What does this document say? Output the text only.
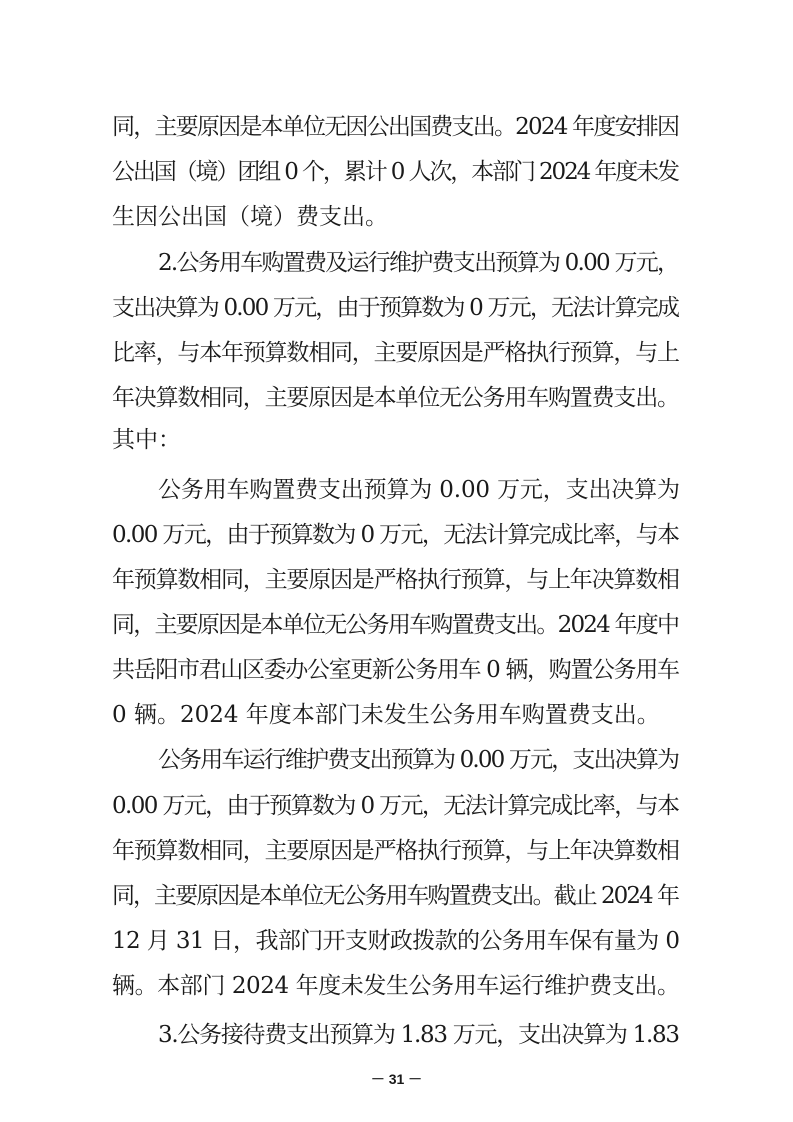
同，主要原因是本单位无因公出国费支出。2024 年度安排因
公出国（境）团组 0 个，累计 0 人次，本部门 2024 年度未发
生因公出国（境）费支出。
2.公务用车购置费及运行维护费支出预算为 0.00 万元，
支出决算为 0.00 万元，由于预算数为 0 万元，无法计算完成
比率，与本年预算数相同，主要原因是严格执行预算，与上
年决算数相同，主要原因是本单位无公务用车购置费支出。
其中：
公务用车购置费支出预算为 0.00 万元，支出决算为
0.00 万元，由于预算数为 0 万元，无法计算完成比率，与本
年预算数相同，主要原因是严格执行预算，与上年决算数相
同，主要原因是本单位无公务用车购置费支出。2024 年度中
共岳阳市君山区委办公室更新公务用车 0 辆，购置公务用车
0 辆。2024 年度本部门未发生公务用车购置费支出。
公务用车运行维护费支出预算为 0.00 万元，支出决算为
0.00 万元，由于预算数为 0 万元，无法计算完成比率，与本
年预算数相同，主要原因是严格执行预算，与上年决算数相
同，主要原因是本单位无公务用车购置费支出。截止 2024 年
12 月 31 日，我部门开支财政拨款的公务用车保有量为 0
辆。本部门 2024 年度未发生公务用车运行维护费支出。
3.公务接待费支出预算为 1.83 万元，支出决算为 1.83
－ 31 －
